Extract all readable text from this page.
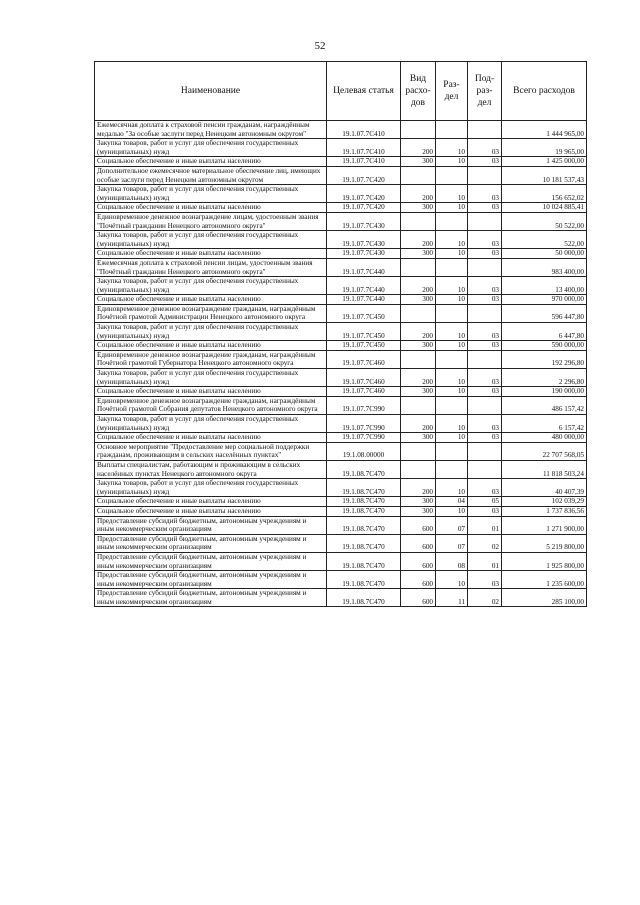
52
Наименование	Целевая статья	Вид расхо-дов	Раз-дел	Под-раз-дел	Всего расходов
Ежемесячная доплата к страховой пенсии гражданам, награждённым медалью "За особые заслуги перед Ненецким автономным округом"	19.1.07.7С410				1 444 965,00
Закупка товаров, работ и услуг для обеспечения государственных (муниципальных) нужд	19.1.07.7С410	200	10	03	19 965,00
Социальное обеспечение и иные выплаты населению	19.1.07.7С410	300	10	03	1 425 000,00
Дополнительное ежемесячное материальное обеспечение лиц, имеющих особые заслуги перед Ненецким автономным округом	19.1.07.7С420				10 181 537,43
Закупка товаров, работ и услуг для обеспечения государственных (муниципальных) нужд	19.1.07.7С420	200	10	03	156 652,02
Социальное обеспечение и иные выплаты населению	19.1.07.7С420	300	10	03	10 024 885,41
Единовременное денежное вознаграждение лицам, удостоенным звания "Почётный гражданин Ненецкого автономного округа"	19.1.07.7С430				50 522,00
Закупка товаров, работ и услуг для обеспечения государственных (муниципальных) нужд	19.1.07.7С430	200	10	03	522,00
Социальное обеспечение и иные выплаты населению	19.1.07.7С430	300	10	03	50 000,00
Ежемесячная доплата к страховой пенсии лицам, удостоенным звания "Почётный гражданин Ненецкого автономного округа"	19.1.07.7С440				983 400,00
Закупка товаров, работ и услуг для обеспечения государственных (муниципальных) нужд	19.1.07.7С440	200	10	03	13 400,00
Социальное обеспечение и иные выплаты населению	19.1.07.7С440	300	10	03	970 000,00
Единовременное денежное вознаграждение гражданам, награждённым Почётной грамотой Администрации Ненецкого автономного округа	19.1.07.7С450				596 447,80
Закупка товаров, работ и услуг для обеспечения государственных (муниципальных) нужд	19.1.07.7С450	200	10	03	6 447,80
Социальное обеспечение и иные выплаты населению	19.1.07.7С450	300	10	03	590 000,00
Единовременное денежное вознаграждение гражданам, награждённым Почётной грамотой Губернатора Ненецкого автономного округа	19.1.07.7С460				192 296,80
Закупка товаров, работ и услуг для обеспечения государственных (муниципальных) нужд	19.1.07.7С460	200	10	03	2 296,80
Социальное обеспечение и иные выплаты населению	19.1.07.7С460	300	10	03	190 000,00
Единовременное денежное вознаграждение гражданам, награждённым Почётной грамотой Собрания депутатов Ненецкого автономного округа	19.1.07.7С990				486 157,42
Закупка товаров, работ и услуг для обеспечения государственных (муниципальных) нужд	19.1.07.7С990	200	10	03	6 157,42
Социальное обеспечение и иные выплаты населению	19.1.07.7С990	300	10	03	480 000,00
Основное мероприятие "Предоставление мер социальной поддержки гражданам, проживающим в сельских населённых пунктах"	19.1.08.00000				22 707 568,05
Выплаты специалистам, работающим и проживающим в сельских населённых пунктах Ненецкого автономного округа	19.1.08.7С470				11 818 503,24
Закупка товаров, работ и услуг для обеспечения государственных (муниципальных) нужд	19.1.08.7С470	200	10	03	40 407,39
Социальное обеспечение и иные выплаты населению	19.1.08.7С470	300	04	05	102 039,29
Социальное обеспечение и иные выплаты населению	19.1.08.7С470	300	10	03	1 737 836,56
Предоставление субсидий бюджетным, автономным учреждениям и иным некоммерческим организациям	19.1.08.7С470	600	07	01	1 271 900,00
Предоставление субсидий бюджетным, автономным учреждениям и иным некоммерческим организациям	19.1.08.7С470	600	07	02	5 219 800,00
Предоставление субсидий бюджетным, автономным учреждениям и иным некоммерческим организациям	19.1.08.7С470	600	08	01	1 925 800,00
Предоставление субсидий бюджетным, автономным учреждениям и иным некоммерческим организациям	19.1.08.7С470	600	10	03	1 235 600,00
Предоставление субсидий бюджетным, автономным учреждениям и иным некоммерческим организациям	19.1.08.7С470	600	11	02	285 100,00
